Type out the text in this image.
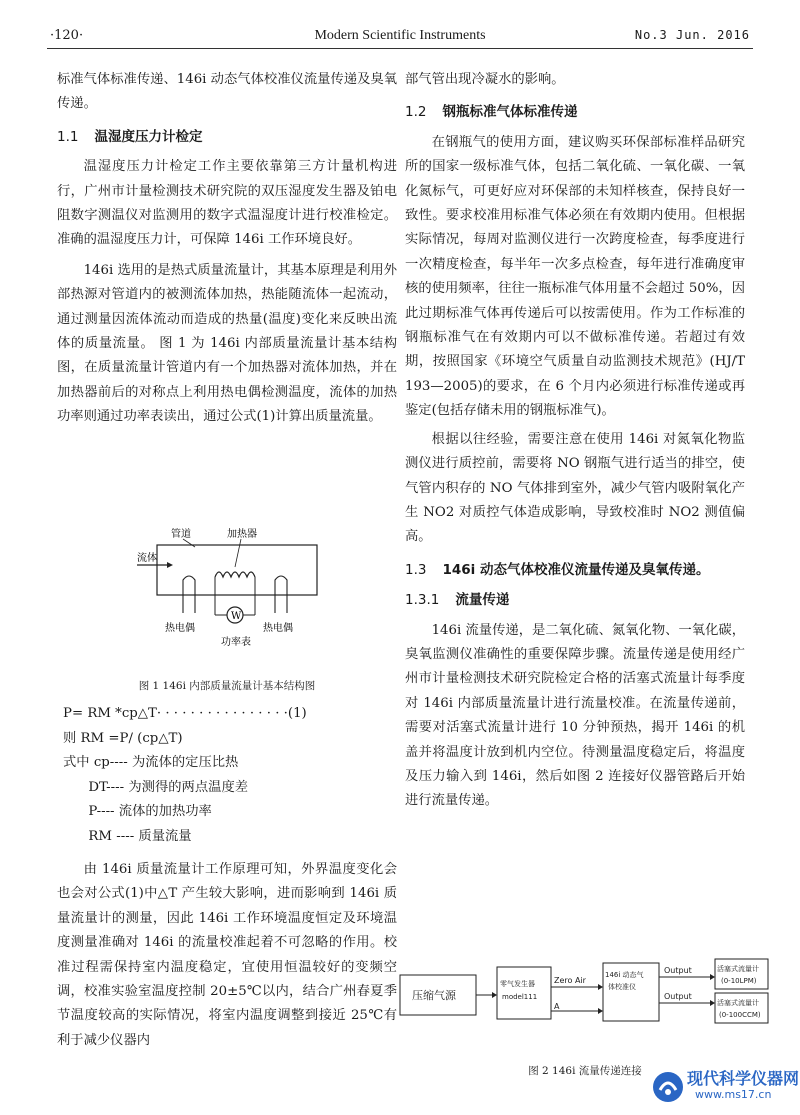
·120·	Modern Scientific Instruments	No.3 Jun. 2016

标准气体标准传递、146i 动态气体校准仪流量传递及臭氧传递。

1.1 温湿度压力计检定

温湿度压力计检定工作主要依靠第三方计量机构进行，广州市计量检测技术研究院的双压湿度发生器及铂电阻数字测温仪对监测用的数字式温湿度计进行校准检定。准确的温湿度压力计，可保障 146i 工作环境良好。

146i 选用的是热式质量流量计，其基本原理是利用外部热源对管道内的被测流体加热，热能随流体一起流动，通过测量因流体流动而造成的热量(温度)变化来反映出流体的质量流量。 图 1 为 146i 内部质量流量计基本结构图，在质量流量计管道内有一个加热器对流体加热，并在加热器前后的对称点上利用热电偶检测温度，流体的加热功率则通过功率表读出，通过公式(1)计算出质量流量。

流体
管道	加热器
W
热电偶	热电偶
功率表
图 1 146i 内部质量流量计基本结构图
P= RM *cp△T· · · · · · · · · · · · · · · ·(1)
则 RM =P/ (cp△T)
式中 cp---- 为流体的定压比热
DT---- 为测得的两点温度差
P---- 流体的加热功率
RM ---- 质量流量

由 146i 质量流量计工作原理可知，外界温度变化会也会对公式(1)中△T 产生较大影响，进而影响到 146i 质量流量计的测量，因此 146i 工作环境温度恒定及环境温度测量准确对 146i 的流量校准起着不可忽略的作用。校准过程需保持室内温度稳定，宜使用恒温较好的变频空调，校准实验室温度控制 20±5℃以内，结合广州春夏季节温度较高的实际情况，将室内温度调整到接近 25℃有利于减少仪器内

部气管出现冷凝水的影响。

1.2 钢瓶标准气体标准传递

在钢瓶气的使用方面，建议购买环保部标准样品研究所的国家一级标准气体，包括二氧化硫、一氧化碳、一氧化氮标气，可更好应对环保部的未知样核查，保持良好一致性。要求校准用标准气体必须在有效期内使用。但根据实际情况，每周对监测仪进行一次跨度检查，每季度进行一次精度检查，每半年一次多点检查，每年进行准确度审核的使用频率，往往一瓶标准气体用量不会超过 50%，因此过期标准气体再传递后可以按需使用。作为工作标准的钢瓶标准气在有效期内可以不做标准传递。若超过有效期，按照国家《环境空气质量自动监测技术规范》(HJ/T 193—2005)的要求，在 6 个月内必须进行标准传递或再鉴定(包括存储未用的钢瓶标准气)。

根据以往经验，需要注意在使用 146i 对氮氧化物监测仪进行质控前，需要将 NO 钢瓶气进行适当的排空，使气管内积存的 NO 气体排到室外，减少气管内吸附氧化产生 NO2 对质控气体造成影响，导致校准时 NO2 测值偏高。

1.3 146i 动态气体校准仪流量传递及臭氧传递。
1.3.1 流量传递

146i 流量传递，是二氧化硫、氮氧化物、一氧化碳，臭氧监测仪准确性的重要保障步骤。流量传递是使用经广州市计量检测技术研究院检定合格的活塞式流量计每季度对 146i 内部质量流量计进行流量校准。在流量传递前，需要对活塞式流量计进行 10 分钟预热，揭开 146i 的机盖并将温度计放到机内空位。待测量温度稳定后，将温度及压力输入到 146i，然后如图 2 连接好仪器管路后开始进行流量传递。

压缩气源
零气发生器
model111
Zero Air
A
146i 动态气
体校准仪
Output
Output
活塞式流量计
(0-10LPM)
活塞式流量计
(0-100CCM)
图 2 146i 流量传递连接	现代科学仪器网
www.ms17.cn
